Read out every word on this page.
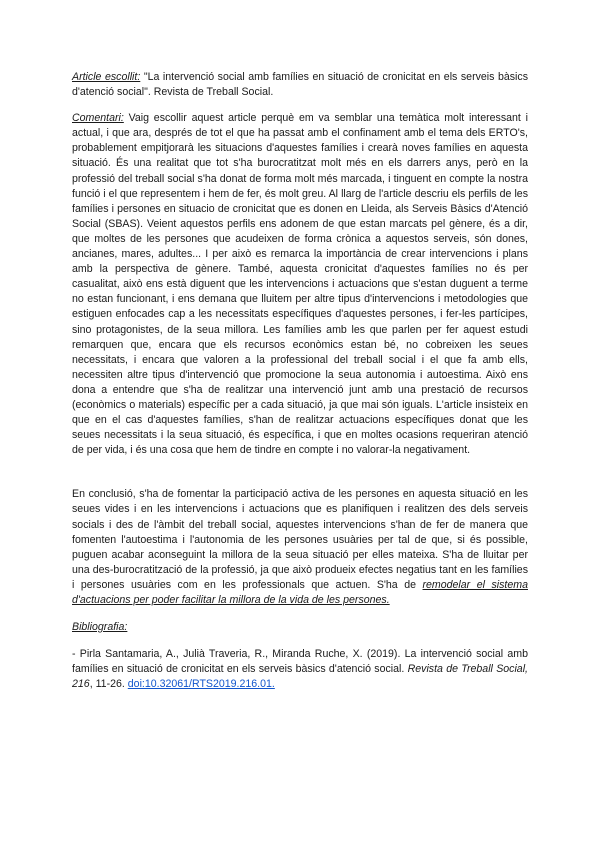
Article escollit: "La intervenció social amb famílies en situació de cronicitat en els serveis bàsics d'atenció social". Revista de Treball Social.

Comentari: Vaig escollir aquest article perquè em va semblar una temàtica molt interessant i actual, i que ara, després de tot el que ha passat amb el confinament amb el tema dels ERTO's, probablement empitjorarà les situacions d'aquestes famílies i crearà noves famílies en aquesta situació. És una realitat que tot s'ha burocratitzat molt més en els darrers anys, però en la professió del treball social s'ha donat de forma molt més marcada, i tinguent en compte la nostra funció i el que representem i hem de fer, és molt greu. Al llarg de l'article descriu els perfils de les famílies i persones en situacio de cronicitat que es donen en Lleida, als Serveis Bàsics d'Atenció Social (SBAS). Veient aquestos perfils ens adonem de que estan marcats pel gènere, és a dir, que moltes de les persones que acudeixen de forma crònica a aquestos serveis, són dones, ancianes, mares, adultes... I per això es remarca la importància de crear intervencions i plans amb la perspectiva de gènere. També, aquesta cronicitat d'aquestes famílies no és per casualitat, això ens està diguent que les intervencions i actuacions que s'estan duguent a terme no estan funcionant, i ens demana que lluitem per altre tipus d'intervencions i metodologies que estiguen enfocades cap a les necessitats específiques d'aquestes persones, i fer-les partícipes, sino protagonistes, de la seua millora. Les famílies amb les que parlen per fer aquest estudi remarquen que, encara que els recursos econòmics estan bé, no cobreixen les seues necessitats, i encara que valoren a la professional del treball social i el que fa amb ells, necessiten altre tipus d'intervenció que promocione la seua autonomia i autoestima. Això ens dona a entendre que s'ha de realitzar una intervenció junt amb una prestació de recursos (econòmics o materials) específic per a cada situació, ja que mai són iguals. L'article insisteix en que en el cas d'aquestes famílies, s'han de realitzar actuacions específiques donat que les seues necessitats i la seua situació, és específica, i que en moltes ocasions requeriran atenció de per vida, i és una cosa que hem de tindre en compte i no valorar-la negativament.

En conclusió, s'ha de fomentar la participació activa de les persones en aquesta situació en les seues vides i en les intervencions i actuacions que es planifiquen i realitzen des dels serveis socials i des de l'àmbit del treball social, aquestes intervencions s'han de fer de manera que fomenten l'autoestima i l'autonomia de les persones usuàries per tal de que, si és possible, puguen acabar aconseguint la millora de la seua situació per elles mateixa. S'ha de lluitar per una des-burocratització de la professió, ja que això produeix efectes negatius tant en les famílies i persones usuàries com en les professionals que actuen. S'ha de remodelar el sistema d'actuacions per poder facilitar la millora de la vida de les persones.

Bibliografia:

- Pirla Santamaria, A., Julià Traveria, R., Miranda Ruche, X. (2019). La intervenció social amb famílies en situació de cronicitat en els serveis bàsics d'atenció social. Revista de Treball Social, 216, 11-26. doi:10.32061/RTS2019.216.01.
